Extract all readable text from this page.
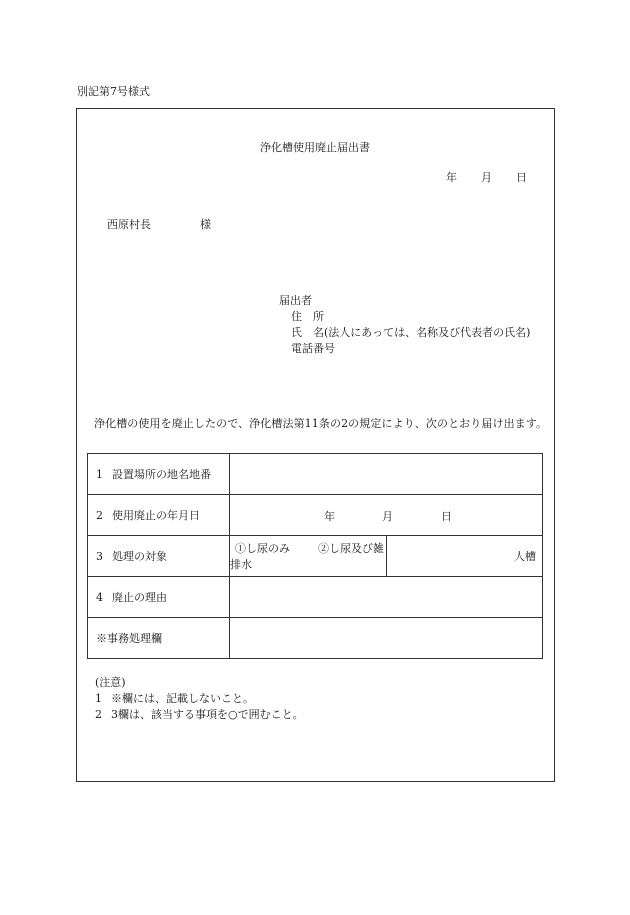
別記第7号様式
浄化槽使用廃止届出書
年 月 日
西原村長	様
届出者
住　所
氏　名(法人にあっては、名称及び代表者の氏名)
電話番号
浄化槽の使用を廃止したので、浄化槽法第11条の2の規定により、次のとおり届け出ます。
1 設置場所の地名地番		
2 使用廃止の年月日	年 月 日	

3 処理の対象	①し尿のみ ②し尿及び雑排水	人槽
4 廃止の理由		
※事務処理欄		
(注意)
1 ※欄には、記載しないこと。
2 3欄は、該当する事項を○で囲むこと。
